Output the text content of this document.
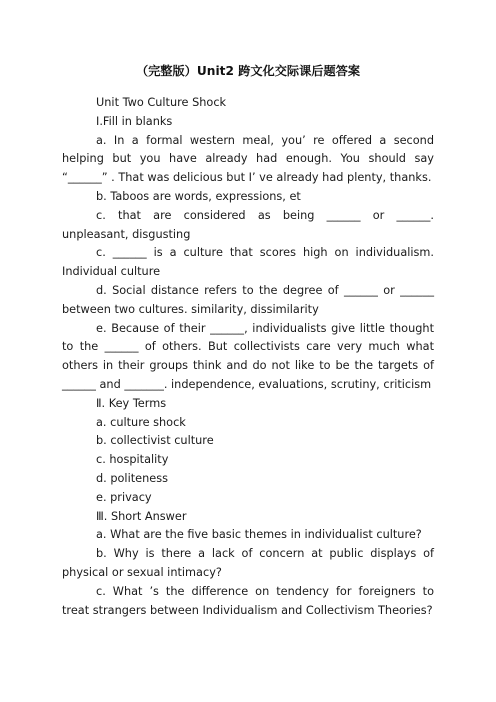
（完整版）Unit2 跨文化交际课后题答案

Unit Two Culture Shock

Ⅰ.Fill in blanks

a. In a formal western meal, you’ re offered a second helping but you have already had enough. You should say “______” . That was delicious but I’ ve already had plenty, thanks.

b. Taboos are words, expressions, et

c. that are considered as being ______ or ______. unpleasant, disgusting

c. ______ is a culture that scores high on individualism. Individual culture

d. Social distance refers to the degree of ______ or ______ between two cultures. similarity, dissimilarity

e. Because of their ______, individualists give little thought to the ______ of others. But collectivists care very much what others in their groups think and do not like to be the targets of ______ and _______. independence, evaluations, scrutiny, criticism

Ⅱ. Key Terms

a. culture shock

b. collectivist culture

c. hospitality

d. politeness

e. privacy

Ⅲ. Short Answer

a. What are the five basic themes in individualist culture?

b. Why is there a lack of concern at public displays of physical or sexual intimacy?

c. What ’s the difference on tendency for foreigners to treat strangers between Individualism and Collectivism Theories?
